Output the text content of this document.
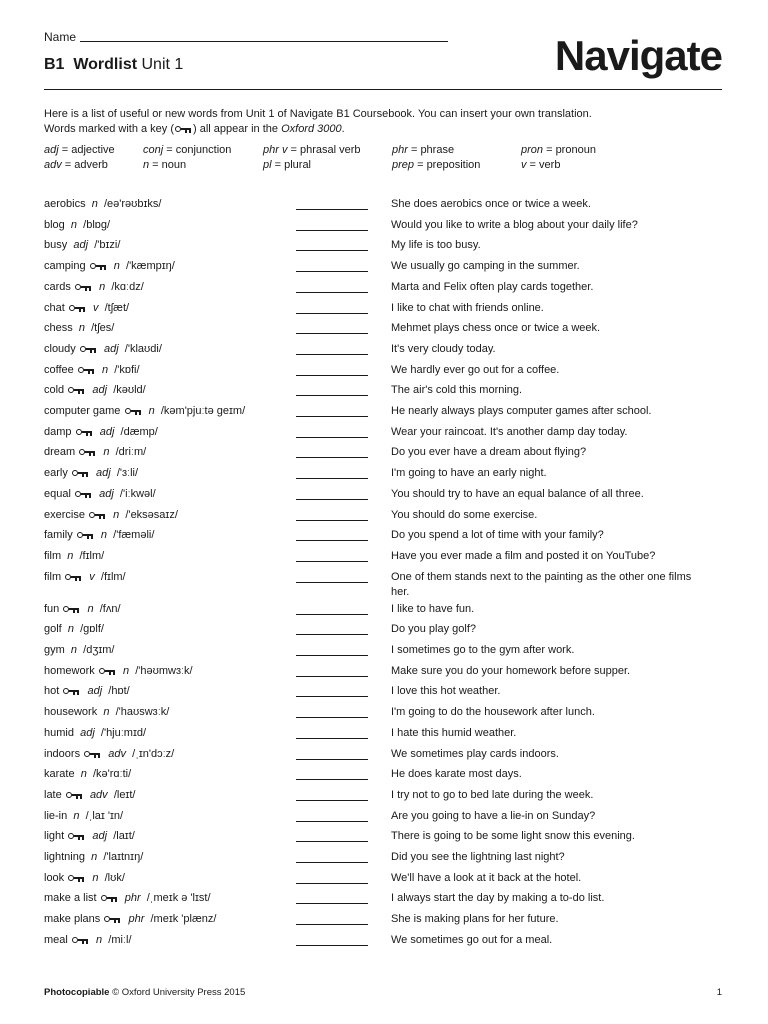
Name
B1 Wordlist Unit 1	Navigate
Here is a list of useful or new words from Unit 1 of Navigate B1 Coursebook. You can insert your own translation.
Words marked with a key ( ) all appear in the Oxford 3000.
adj = adjective	conj = conjunction	phr v = phrasal verb	phr = phrase	pron = pronoun
adv = adverb	n = noun	pl = plural	prep = preposition	v = verb
aerobics n /eə'rəʊbɪks/	She does aerobics once or twice a week.
blog n /blɒg/	Would you like to write a blog about your daily life?
busy adj /'bɪzi/	My life is too busy.
camping	n /'kæmpɪŋ/	We usually go camping in the summer.
cards	n /kɑːdz/	Marta and Felix often play cards together.
chat	v /tʃæt/	I like to chat with friends online.
chess n /tʃes/	Mehmet plays chess once or twice a week.
cloudy	adj /'klaʊdi/	It's very cloudy today.
coffee	n /'kɒfi/	We hardly ever go out for a coffee.
cold	adj /kəʊld/	The air's cold this morning.
computer game	n /kəm'pjuːtə geɪm/	He nearly always plays computer games after school.
damp	adj /dæmp/	Wear your raincoat. It's another damp day today.
dream	n /driːm/	Do you ever have a dream about flying?
early	adj /'ɜːli/	I'm going to have an early night.
equal	adj /'iːkwəl/	You should try to have an equal balance of all three.
exercise	n /'eksəsaɪz/	You should do some exercise.
family	n /'fæməli/	Do you spend a lot of time with your family?
film n /fɪlm/	Have you ever made a film and posted it on YouTube?
film	v /fɪlm/	One of them stands next to the painting as the other one films her.
fun	n /fʌn/	I like to have fun.
golf n /gɒlf/	Do you play golf?
gym n /dʒɪm/	I sometimes go to the gym after work.
homework	n /'həʊmwɜːk/	Make sure you do your homework before supper.
hot	adj /hɒt/	I love this hot weather.
housework n /'haʊswɜːk/	I'm going to do the housework after lunch.
humid adj /'hjuːmɪd/	I hate this humid weather.
indoors	adv /ˌɪn'dɔːz/	We sometimes play cards indoors.
karate n /kə'rɑːti/	He does karate most days.
late	adv /leɪt/	I try not to go to bed late during the week.
lie-in n /ˌlaɪ 'ɪn/	Are you going to have a lie-in on Sunday?
light	adj /laɪt/	There is going to be some light snow this evening.
lightning n /'laɪtnɪŋ/	Did you see the lightning last night?
look	n /lʊk/	We'll have a look at it back at the hotel.
make a list	phr /ˌmeɪk ə 'lɪst/	I always start the day by making a to-do list.
make plans	phr /meɪk 'plænz/	She is making plans for her future.
meal	n /miːl/	We sometimes go out for a meal.
Photocopiable © Oxford University Press 2015	1
